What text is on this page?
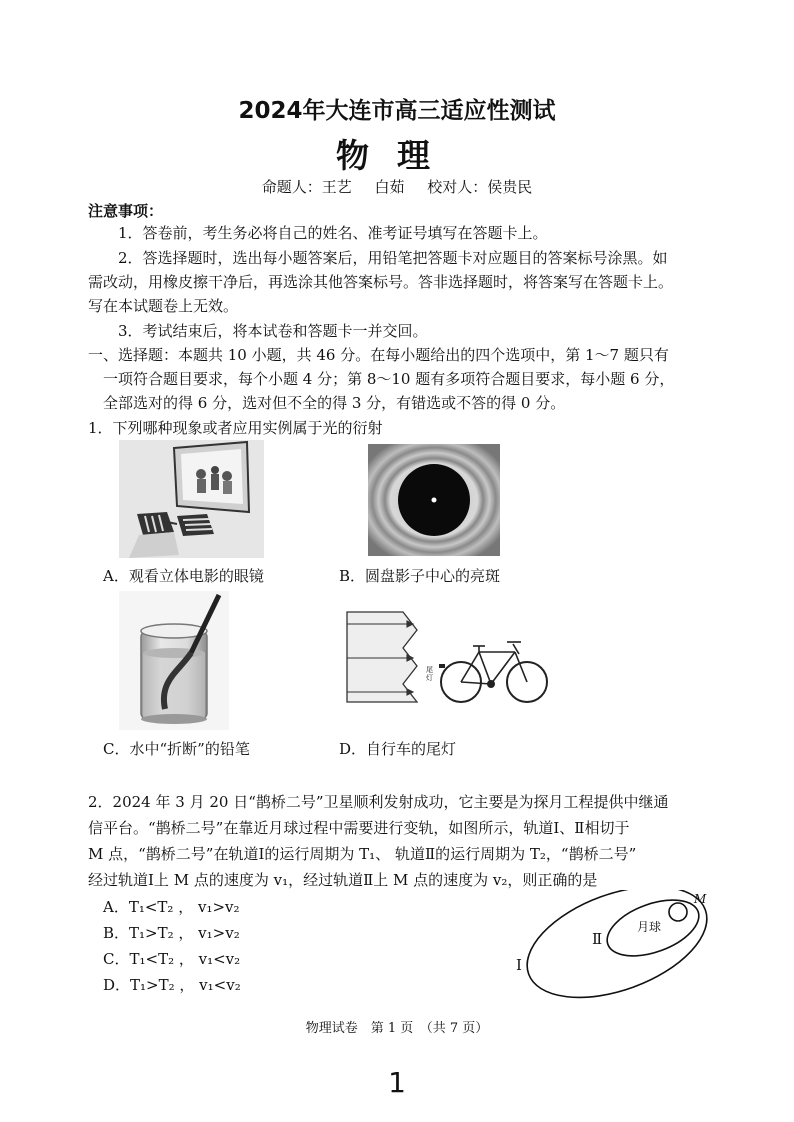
2024年大连市高三适应性测试
物理
命题人：王艺 白茹 校对人：侯贵民
注意事项：
1．答卷前，考生务必将自己的姓名、准考证号填写在答题卡上。
2．答选择题时，选出每小题答案后，用铅笔把答题卡对应题目的答案标号涂黑。如
需改动，用橡皮擦干净后，再选涂其他答案标号。答非选择题时，将答案写在答题卡上。
写在本试题卷上无效。
3．考试结束后，将本试卷和答题卡一并交回。
一、选择题：本题共 10 小题，共 46 分。在每小题给出的四个选项中，第 1～7 题只有
一项符合题目要求，每个小题 4 分；第 8～10 题有多项符合题目要求，每小题 6 分，
全部选对的得 6 分，选对但不全的得 3 分，有错选或不答的得 0 分。
1．下列哪种现象或者应用实例属于光的衍射
A．观看立体电影的眼镜	B．圆盘影子中心的亮斑
尾灯
C．水中“折断”的铅笔	D．自行车的尾灯
2．2024 年 3 月 20 日“鹊桥二号”卫星顺利发射成功，它主要是为探月工程提供中继通
信平台。“鹊桥二号”在靠近月球过程中需要进行变轨，如图所示，轨道Ⅰ、Ⅱ相切于
M 点，“鹊桥二号”在轨道Ⅰ的运行周期为 T₁、 轨道Ⅱ的运行周期为 T₂，“鹊桥二号”
经过轨道Ⅰ上 M 点的速度为 v₁，经过轨道Ⅱ上 M 点的速度为 v₂，则正确的是
A．T₁<T₂ ， v₁>v₂
B．T₁>T₂ ， v₁>v₂
C．T₁<T₂ ， v₁<v₂
D．T₁>T₂ ， v₁<v₂
M
月球
Ⅱ
Ⅰ
物理试卷　第 1 页　（共 7 页）
1
